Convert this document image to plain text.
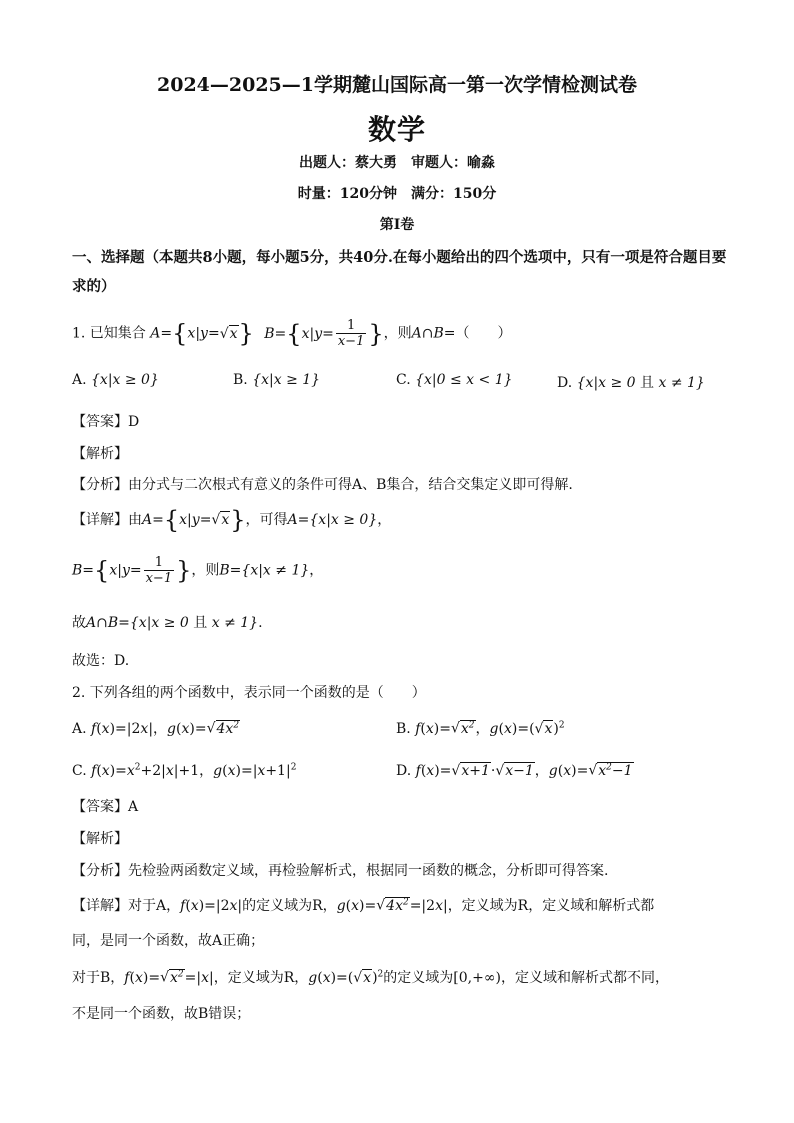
2024—2025—1学期麓山国际高一第一次学情检测试卷
数学
出题人：蔡大勇　审题人：喻淼
时量：120分钟　满分：150分
第I卷
一、选择题（本题共8小题，每小题5分，共40分.在每小题给出的四个选项中，只有一项是符合题目要求的）
1. 已知集合 A={x|y=√x} $B=\{x|y= \frac{1}{x-1}$ }，则A∩B=（　　）
A. {x|x ≥ 0}	B. {x|x ≥ 1}	C. {x|0 ≤ x < 1}	D. {x|x ≥ 0 且 x ≠ 1}
【答案】D
【解析】
【分析】由分式与二次根式有意义的条件可得A、B集合，结合交集定义即可得解.
【详解】由A={x|y=√x}，可得A={x|x ≥ 0}，
$B=\{x|y= \frac{1}{x-1}$ }，则B={x|x ≠ 1}，
故A∩B={x|x ≥ 0 且 x ≠ 1}.
故选：D.
2. 下列各组的两个函数中，表示同一个函数的是（　　）
A. f(x)=|2x|，$g(x)=√4x^2$	B. $f(x)=√x^2$，$g(x)=(√x)^2$
C. $f(x)=x^2+2|x|+1$，$g(x)=|x+1|^2$	D. f(x)=√x+1·√x−1，$g(x)=√x^2-1$
【答案】A
【解析】
【分析】先检验两函数定义域，再检验解析式，根据同一函数的概念，分析即可得答案.
【详解】对于A，f(x)=|2x|的定义域为R，$g(x)=√4x^2=|2x|$，定义域为R，定义域和解析式都
同，是同一个函数，故A正确；
对于B，$f(x)=√x^2=|x|$，定义域为R，$g(x)=(√x)^2$的定义域为[0,+∞)，定义域和解析式都不同，
不是同一个函数，故B错误；
